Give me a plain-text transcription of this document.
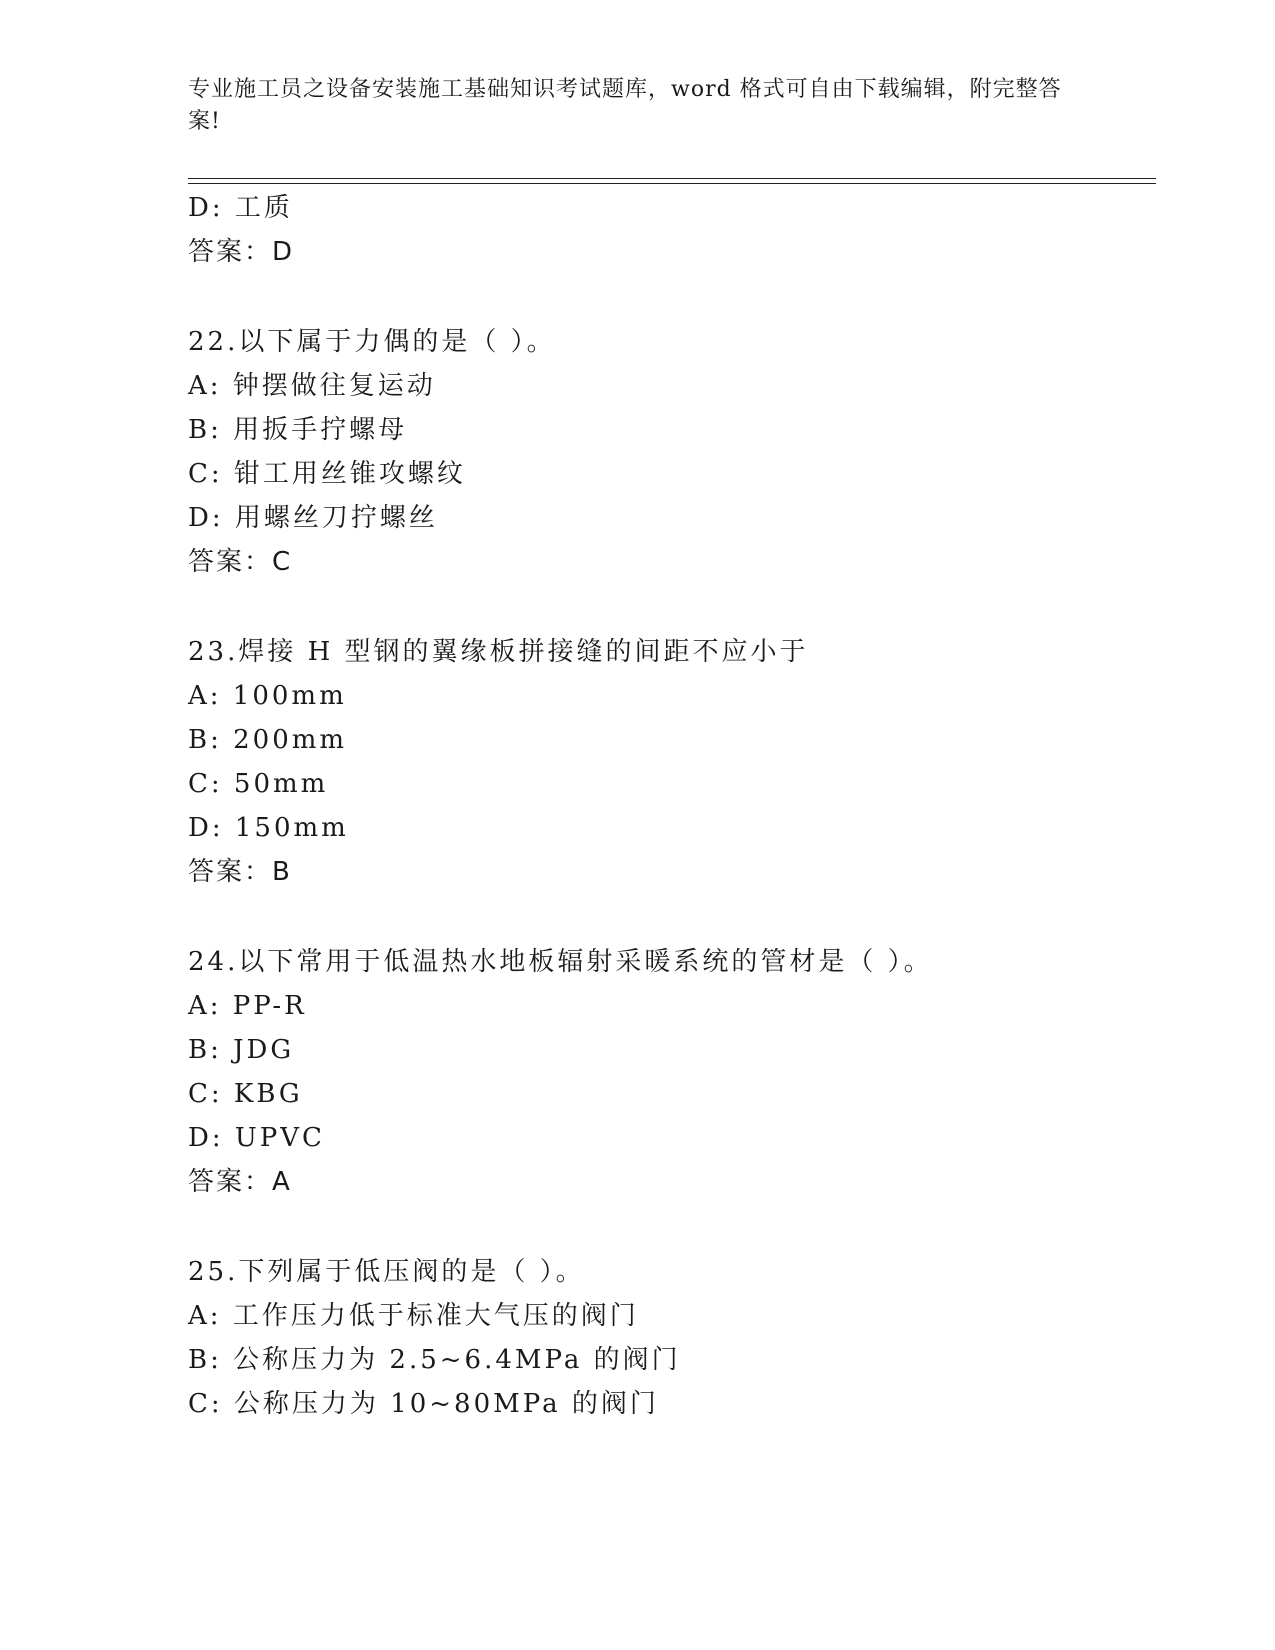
专业施工员之设备安装施工基础知识考试题库，word 格式可自由下载编辑，附完整答案!
D: 工质
答案：D
22.以下属于力偶的是（ ）。
A: 钟摆做往复运动
B: 用扳手拧螺母
C: 钳工用丝锥攻螺纹
D: 用螺丝刀拧螺丝
答案：C
23.焊接 H 型钢的翼缘板拼接缝的间距不应小于
A: 100mm
B: 200mm
C: 50mm
D: 150mm
答案：B
24.以下常用于低温热水地板辐射采暖系统的管材是（ ）。
A: PP-R
B: JDG
C: KBG
D: UPVC
答案：A
25.下列属于低压阀的是（ ）。
A: 工作压力低于标准大气压的阀门
B: 公称压力为 2.5~6.4MPa 的阀门
C: 公称压力为 10~80MPa 的阀门
